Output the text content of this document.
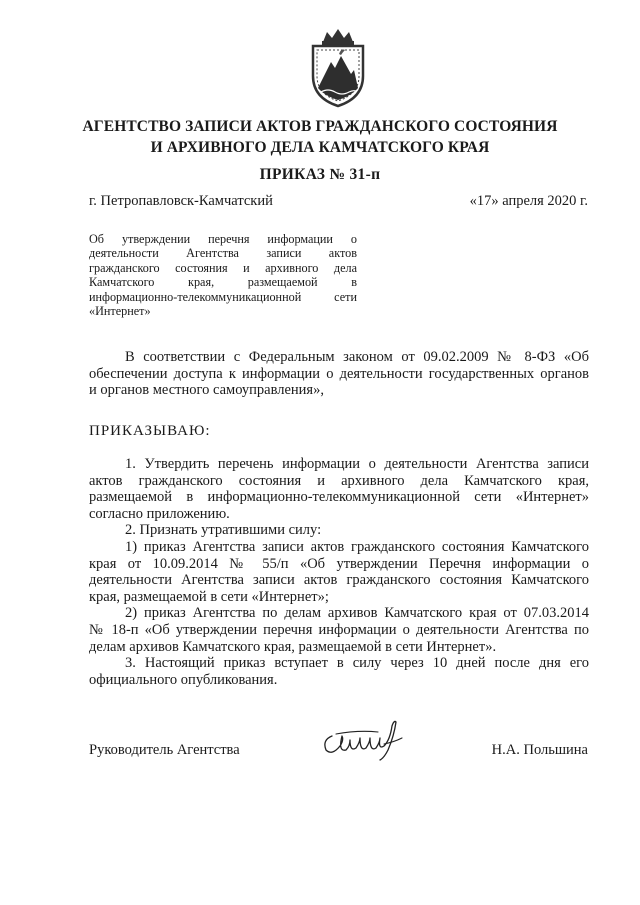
АГЕНТСТВО ЗАПИСИ АКТОВ ГРАЖДАНСКОГО СОСТОЯНИЯ
И АРХИВНОГО ДЕЛА КАМЧАТСКОГО КРАЯ
ПРИКАЗ № 31-п
г. Петропавловск-Камчатский	«17» апреля 2020 г.
Об утверждении перечня информации о
деятельности Агентства записи актов
гражданского состояния и архивного дела
Камчатского края, размещаемой в
информационно-телекоммуникационной сети
«Интернет»
В соответствии с Федеральным законом от 09.02.2009 № 8-ФЗ «Об
обеспечении доступа к информации о деятельности государственных органов
и органов местного самоуправления»,
ПРИКАЗЫВАЮ:
1. Утвердить перечень информации о деятельности Агентства записи
актов гражданского состояния и архивного дела Камчатского края,
размещаемой в информационно-телекоммуникационной сети «Интернет»
согласно приложению.
2. Признать утратившими силу:
1) приказ Агентства записи актов гражданского состояния Камчатского
края от 10.09.2014 № 55/п «Об утверждении Перечня информации о
деятельности Агентства записи актов гражданского состояния Камчатского
края, размещаемой в сети «Интернет»;
2) приказ Агентства по делам архивов Камчатского края от 07.03.2014
№ 18-п «Об утверждении перечня информации о деятельности Агентства по
делам архивов Камчатского края, размещаемой в сети Интернет».
3. Настоящий приказ вступает в силу через 10 дней после дня его
официального опубликования.
Руководитель Агентства	Н.А. Польшина
